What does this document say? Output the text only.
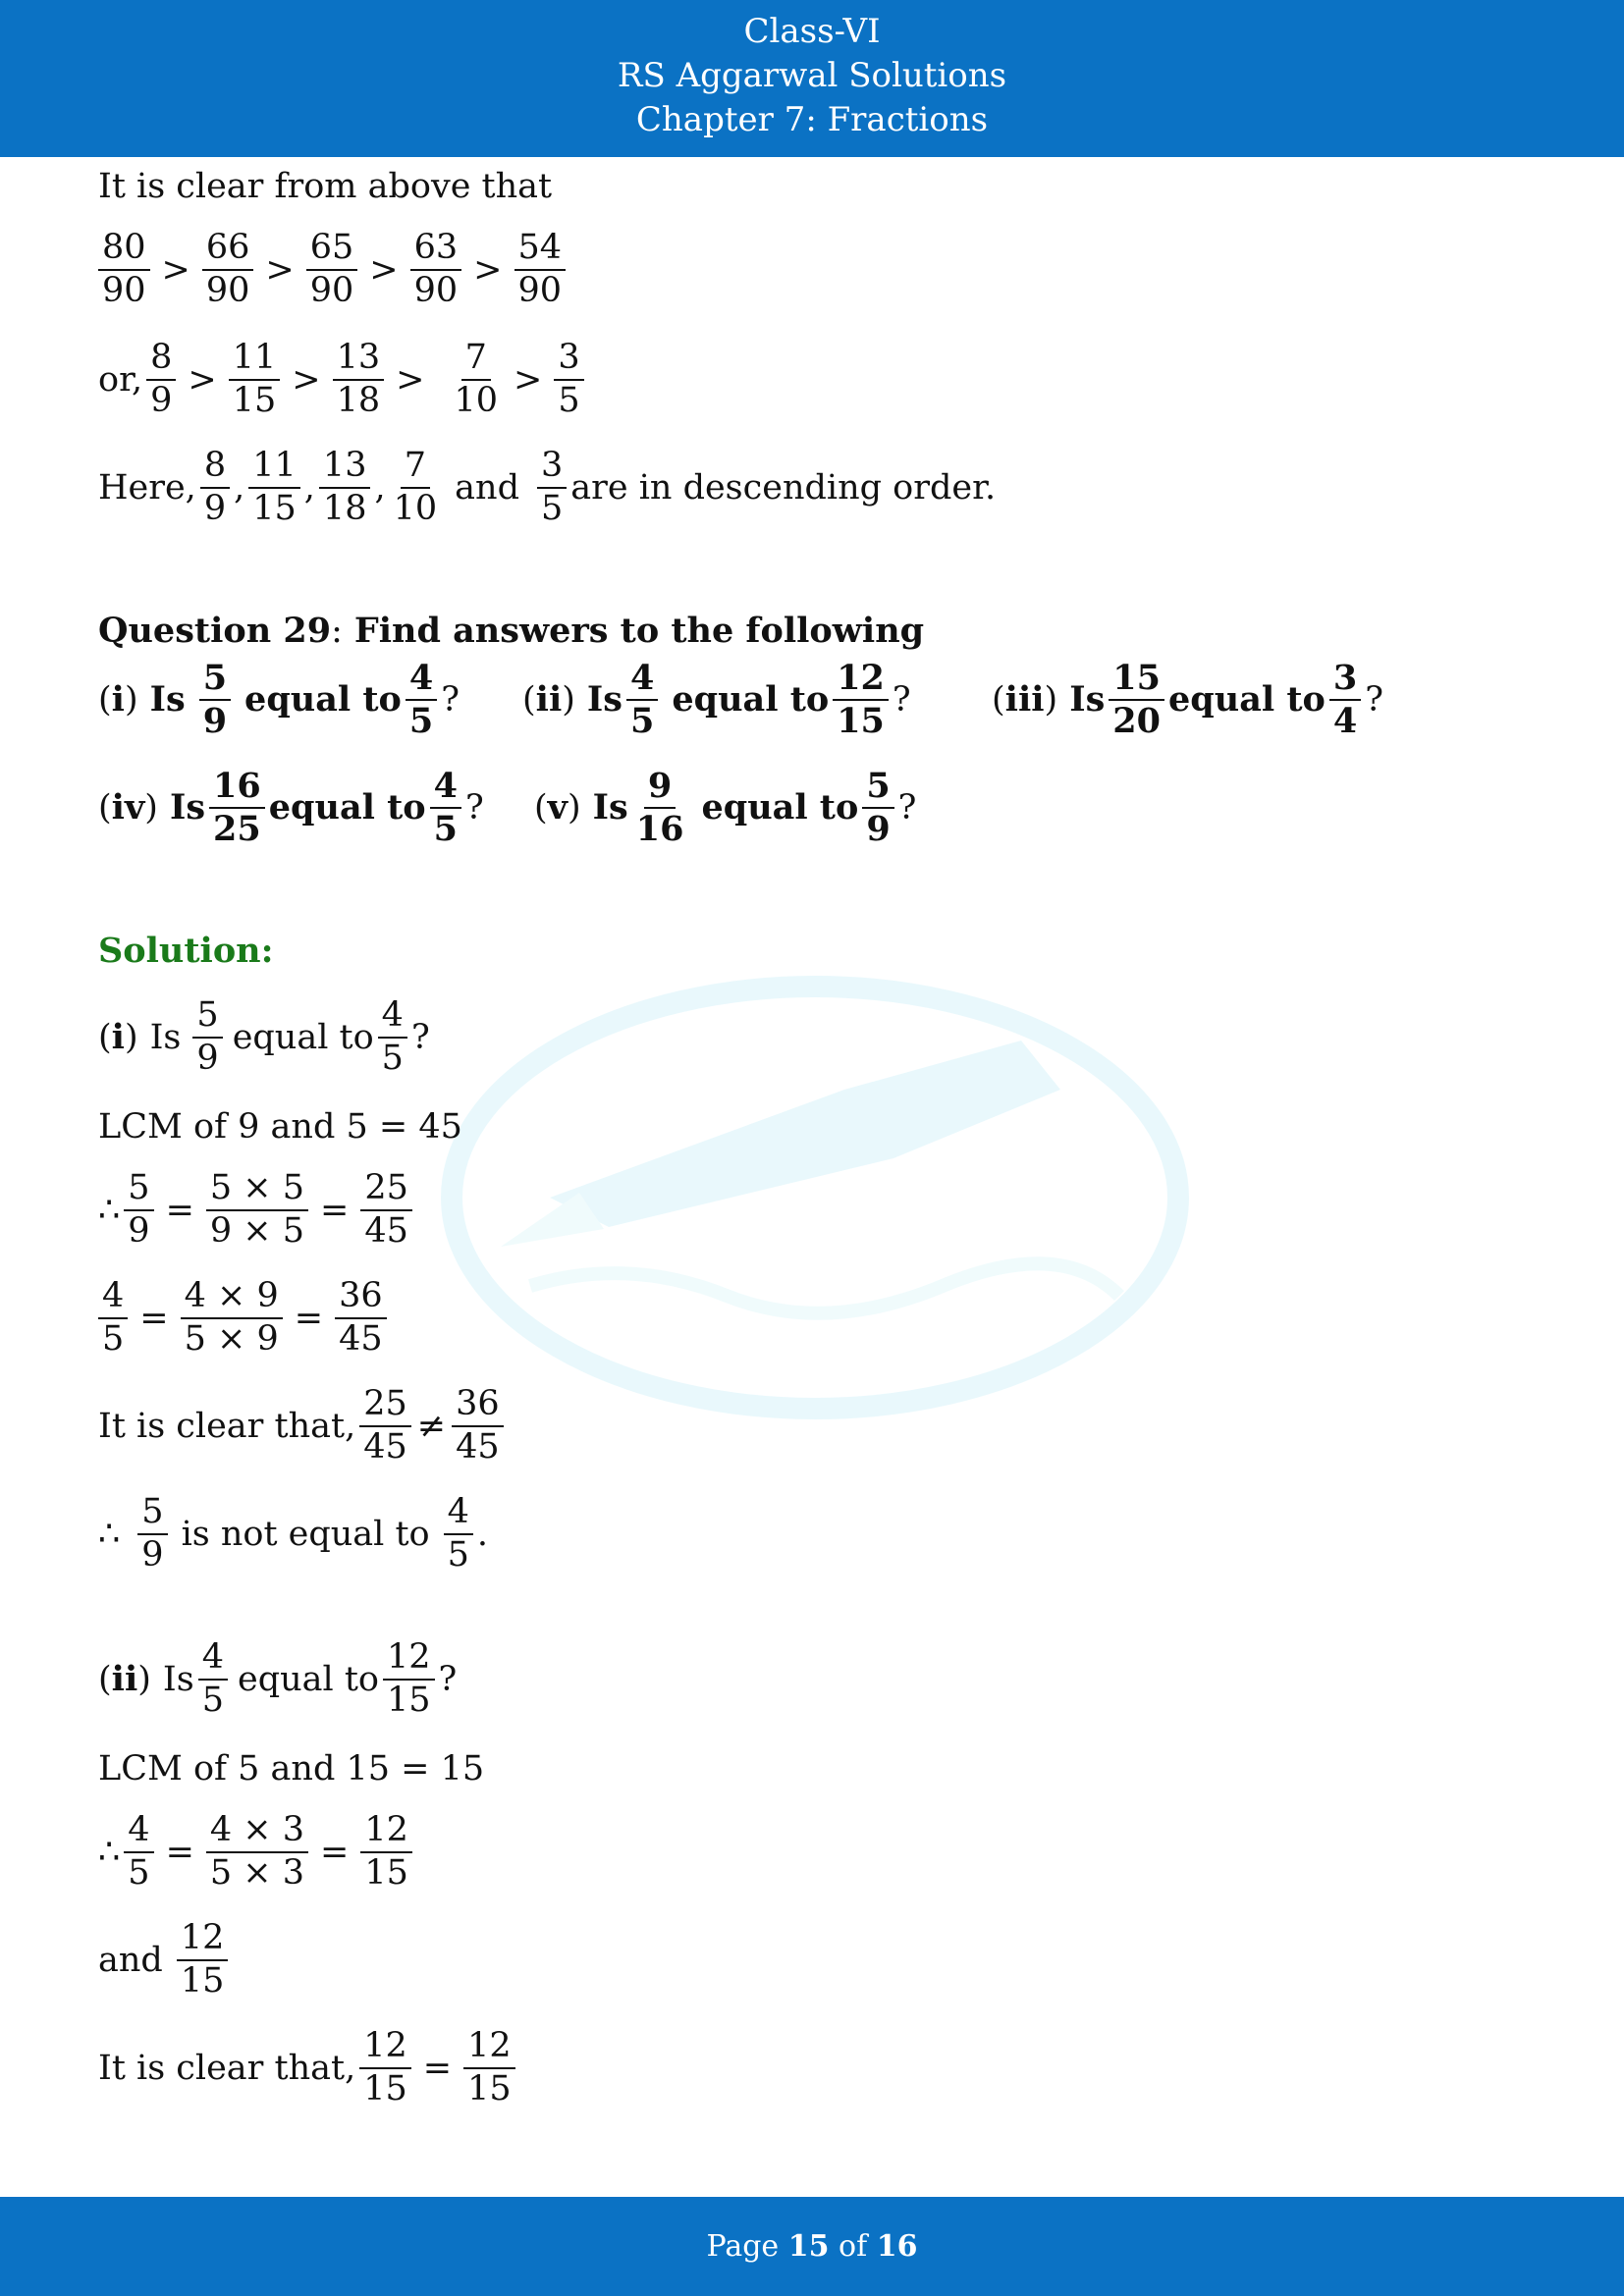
Class-VI
RS Aggarwal Solutions
Chapter 7: Fractions
It is clear from above that
$\frac{80}{90} > \frac{66}{90} > \frac{65}{90} > \frac{63}{90} > \frac{54}{90}$
or, $\frac{8}{9} > \frac{11}{15} > \frac{13}{18} > \frac{7}{10} > \frac{3}{5}$
Here, $\frac{8}{9}$ , $\frac{11}{15}$ , $\frac{13}{18}$ , $\frac{7}{10}$ and $\frac{3}{5}$ are in descending order.
Question 29 : Find answers to the following
( i ) Is $\frac{5}{9}$ equal to $\frac{4}{5}$ ? ( ii ) Is $\frac{4}{5}$ equal to $\frac{12}{15}$ ? ( iii ) Is $\frac{15}{20}$ equal to $\frac{3}{4}$ ?
( iv ) Is $\frac{16}{25}$ equal to $\frac{4}{5}$ ? ( v ) Is $\frac{9}{16}$ equal to $\frac{5}{9}$ ?
Solution:
( i ) Is $\frac{5}{9}$ equal to $\frac{4}{5}$ ?
LCM of 9 and 5 = 45
∴ $\frac{5}{9} = \frac{5 \times 5}{9 \times 5} = \frac{25}{45}$
$\frac{4}{5} = \frac{4 \times 9}{5 \times 9} = \frac{36}{45}$
It is clear that, $\frac{25}{45} \ne \frac{36}{45}$
∴ $\frac{5}{9}$ is not equal to $\frac{4}{5}$ .
( ii ) Is $\frac{4}{5}$ equal to $\frac{12}{15}$ ?
LCM of 5 and 15 = 15
∴ $\frac{4}{5} = \frac{4 \times 3}{5 \times 3} = \frac{12}{15}$
and $\frac{12}{15}$
It is clear that, $\frac{12}{15} = \frac{12}{15}$
Page 15 of 16
